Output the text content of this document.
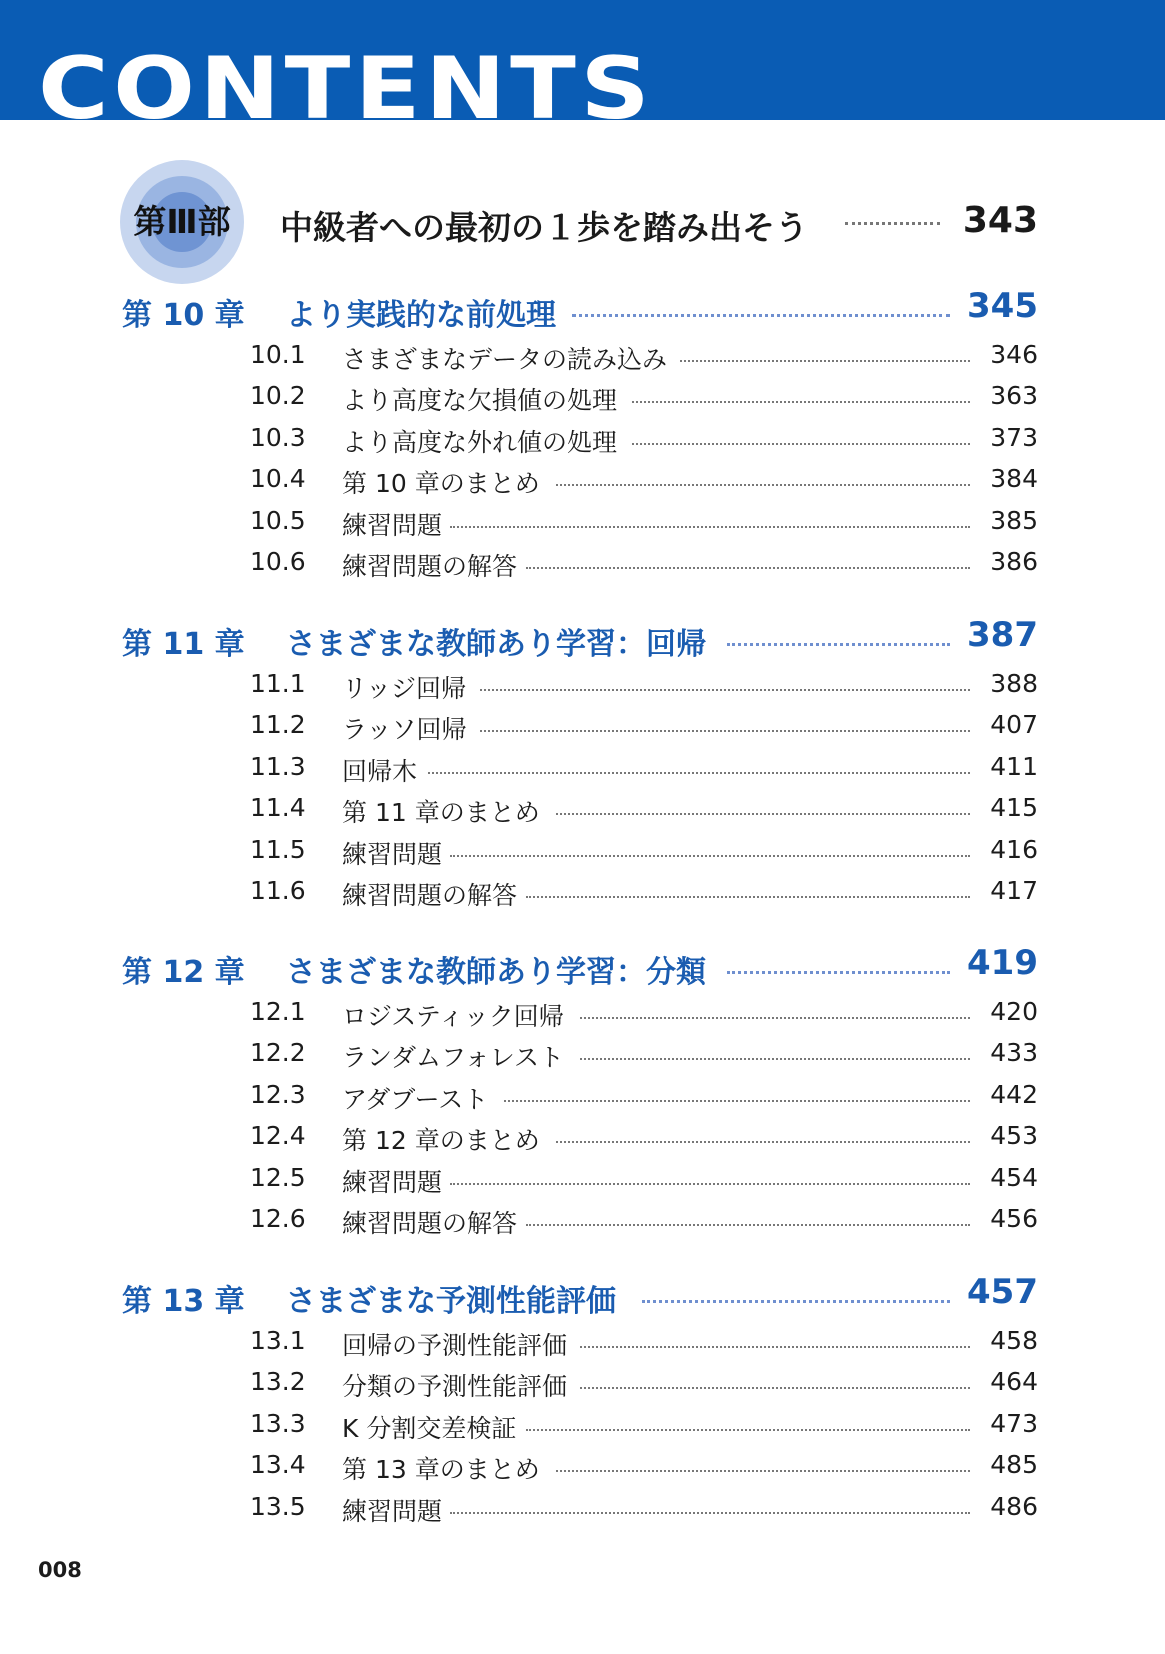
CONTENTS
第Ⅲ部	中級者への最初の１歩を踏み出そう	343
第 10 章 より実践的な前処理	345
10.1 さまざまなデータの読み込み	346
10.2 より高度な欠損値の処理	363
10.3 より高度な外れ値の処理	373
10.4 第 10 章のまとめ	384
10.5 練習問題	385
10.6 練習問題の解答	386
第 11 章 さまざまな教師あり学習：回帰	387
11.1 リッジ回帰	388
11.2 ラッソ回帰	407
11.3 回帰木	411
11.4 第 11 章のまとめ	415
11.5 練習問題	416
11.6 練習問題の解答	417
第 12 章 さまざまな教師あり学習：分類	419
12.1 ロジスティック回帰	420
12.2 ランダムフォレスト	433
12.3 アダブースト	442
12.4 第 12 章のまとめ	453
12.5 練習問題	454
12.6 練習問題の解答	456
第 13 章 さまざまな予測性能評価	457
13.1 回帰の予測性能評価	458
13.2 分類の予測性能評価	464
13.3 K 分割交差検証	473
13.4 第 13 章のまとめ	485
13.5 練習問題	486
008
